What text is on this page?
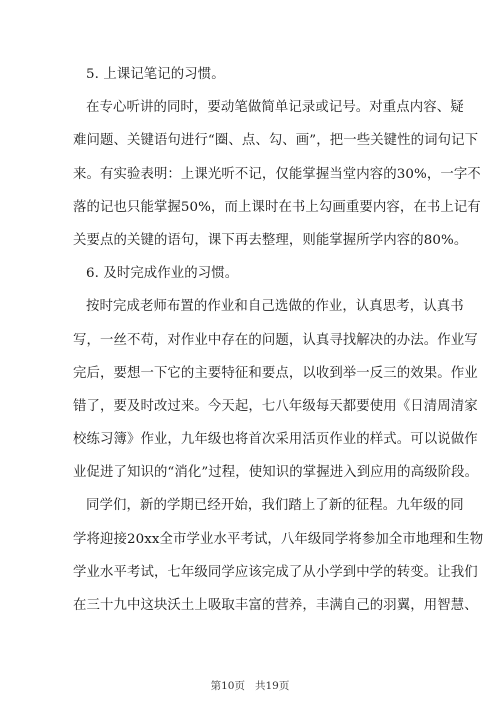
5. 上课记笔记的习惯。
在专心听讲的同时，要动笔做简单记录或记号。对重点内容、疑
难问题、关键语句进行“圈、点、勾、画”，把一些关键性的词句记下
来。有实验表明：上课光听不记，仅能掌握当堂内容的30%，一字不
落的记也只能掌握50%，而上课时在书上勾画重要内容，在书上记有
关要点的关键的语句，课下再去整理，则能掌握所学内容的80%。
6. 及时完成作业的习惯。
按时完成老师布置的作业和自己选做的作业，认真思考，认真书
写，一丝不苟，对作业中存在的问题，认真寻找解决的办法。作业写
完后，要想一下它的主要特征和要点，以收到举一反三的效果。作业
错了，要及时改过来。今天起，七八年级每天都要使用《日清周清家
校练习簿》作业，九年级也将首次采用活页作业的样式。可以说做作
业促进了知识的“消化”过程，使知识的掌握进入到应用的高级阶段。
同学们，新的学期已经开始，我们踏上了新的征程。九年级的同
学将迎接20xx全市学业水平考试，八年级同学将参加全市地理和生物
学业水平考试，七年级同学应该完成了从小学到中学的转变。让我们
在三十九中这块沃土上吸取丰富的营养，丰满自己的羽翼，用智慧、
第10页   共19页
